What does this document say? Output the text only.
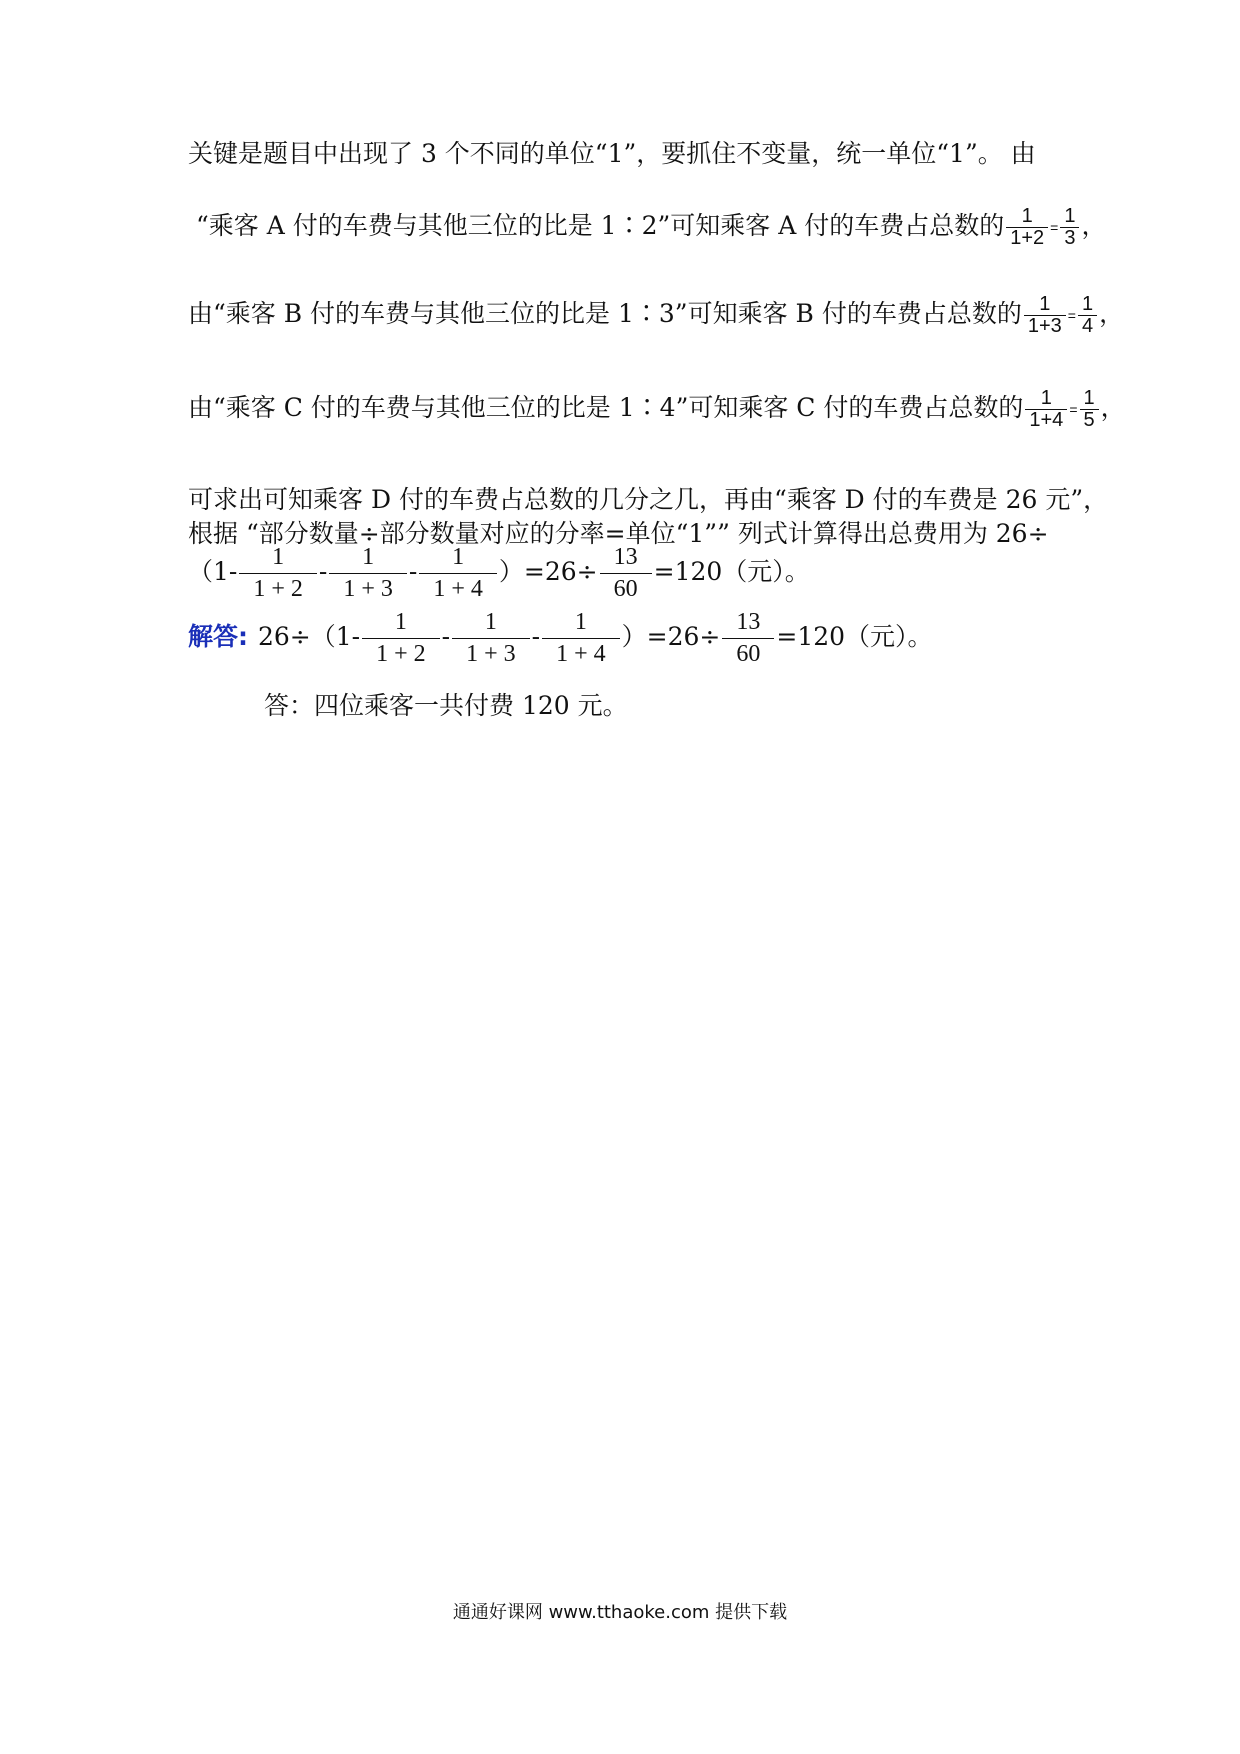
关键是题目中出现了 3 个不同的单位“1”，要抓住不变量，统一单位“1”。 由
“乘客 A 付的车费与其他三位的比是 1∶2”可知乘客 A 付的车费占总数的 $\frac{1}{1+2} = \frac{1}{3}$ ，
由“乘客 B 付的车费与其他三位的比是 1∶3”可知乘客 B 付的车费占总数的 $\frac{1}{1+3} = \frac{1}{4}$ ，
由“乘客 C 付的车费与其他三位的比是 1∶4”可知乘客 C 付的车费占总数的 $\frac{1}{1+4} = \frac{1}{5}$ ，
可求出可知乘客 D 付的车费占总数的几分之几，再由“乘客 D 付的车费是 26 元”，
根据 “部分数量÷部分数量对应的分率=单位“1”” 列式计算得出总费用为 26÷
$(1- \frac{1}{1 + 2} - \frac{1}{1 + 3} - \frac{1}{1 + 4} )=26\div \frac{13}{60} =120$（元）。
解答: $26\div(1- \frac{1}{1 + 2} - \frac{1}{1 + 3} - \frac{1}{1 + 4} )=26\div \frac{13}{60} =120$（元）。
答：四位乘客一共付费 120 元。
通通好课网 www.tthaoke.com 提供下载
